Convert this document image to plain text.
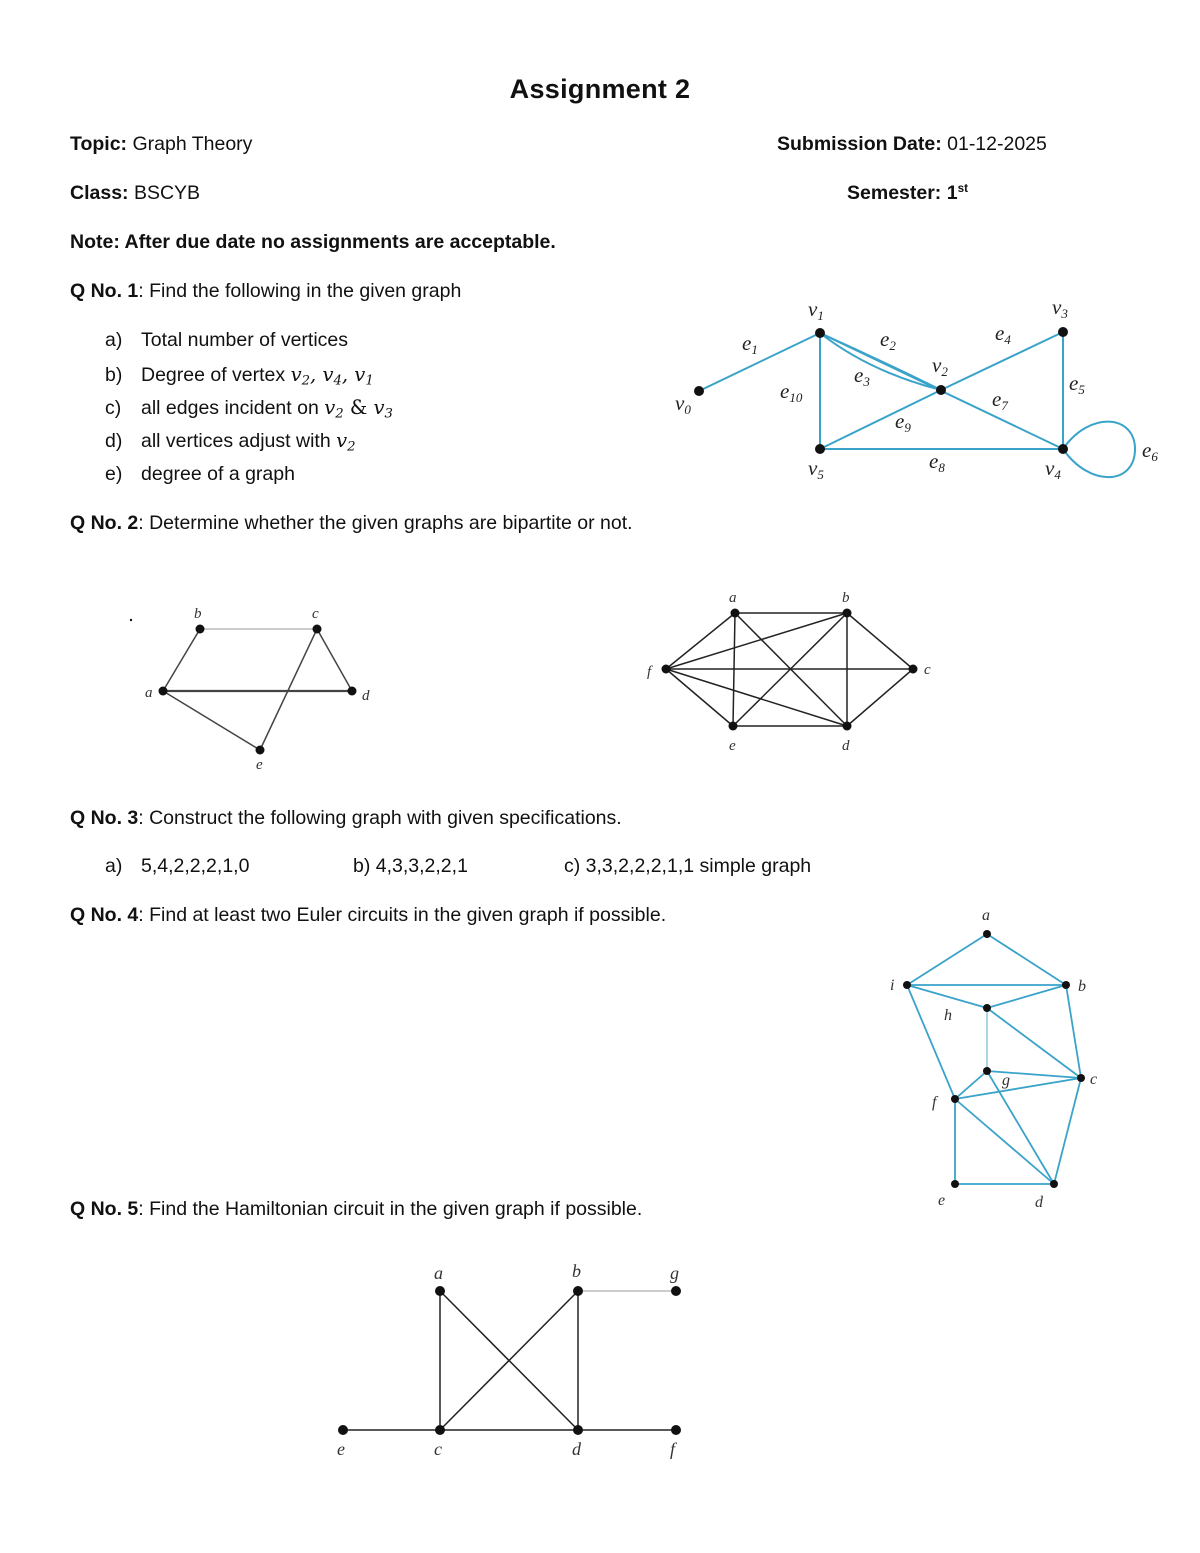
Assignment 2
Topic: Graph Theory	Submission Date: 01-12-2025
Class: BSCYB	Semester: 1st
Note: After due date no assignments are acceptable.
Q No. 1: Find the following in the given graph
a) Total number of vertices
b) Degree of vertex $v_2$, $v_4$, $v_1$
c) all edges incident on $v_2$ & $v_3$
d) all vertices adjust with $v_2$
e) degree of a graph
v0
v1
v2
v3
v4
v5
e1	e2
e3
e4
e5
e6
e7
e8
e9
e10
Q No. 2: Determine whether the given graphs are bipartite or not.
a
b	c
d
e
a	b
c
d
e
f
Q No. 3: Construct the following graph with given specifications.
a) 5,4,2,2,2,1,0	b) 4,3,3,2,2,1	c) 3,3,2,2,2,1,1 simple graph
Q No. 4: Find at least two Euler circuits in the given graph if possible.	a
b
c
d
e
f
g
h
i
Q No. 5: Find the Hamiltonian circuit in the given graph if possible.
a	b
c	d
e	f
g
